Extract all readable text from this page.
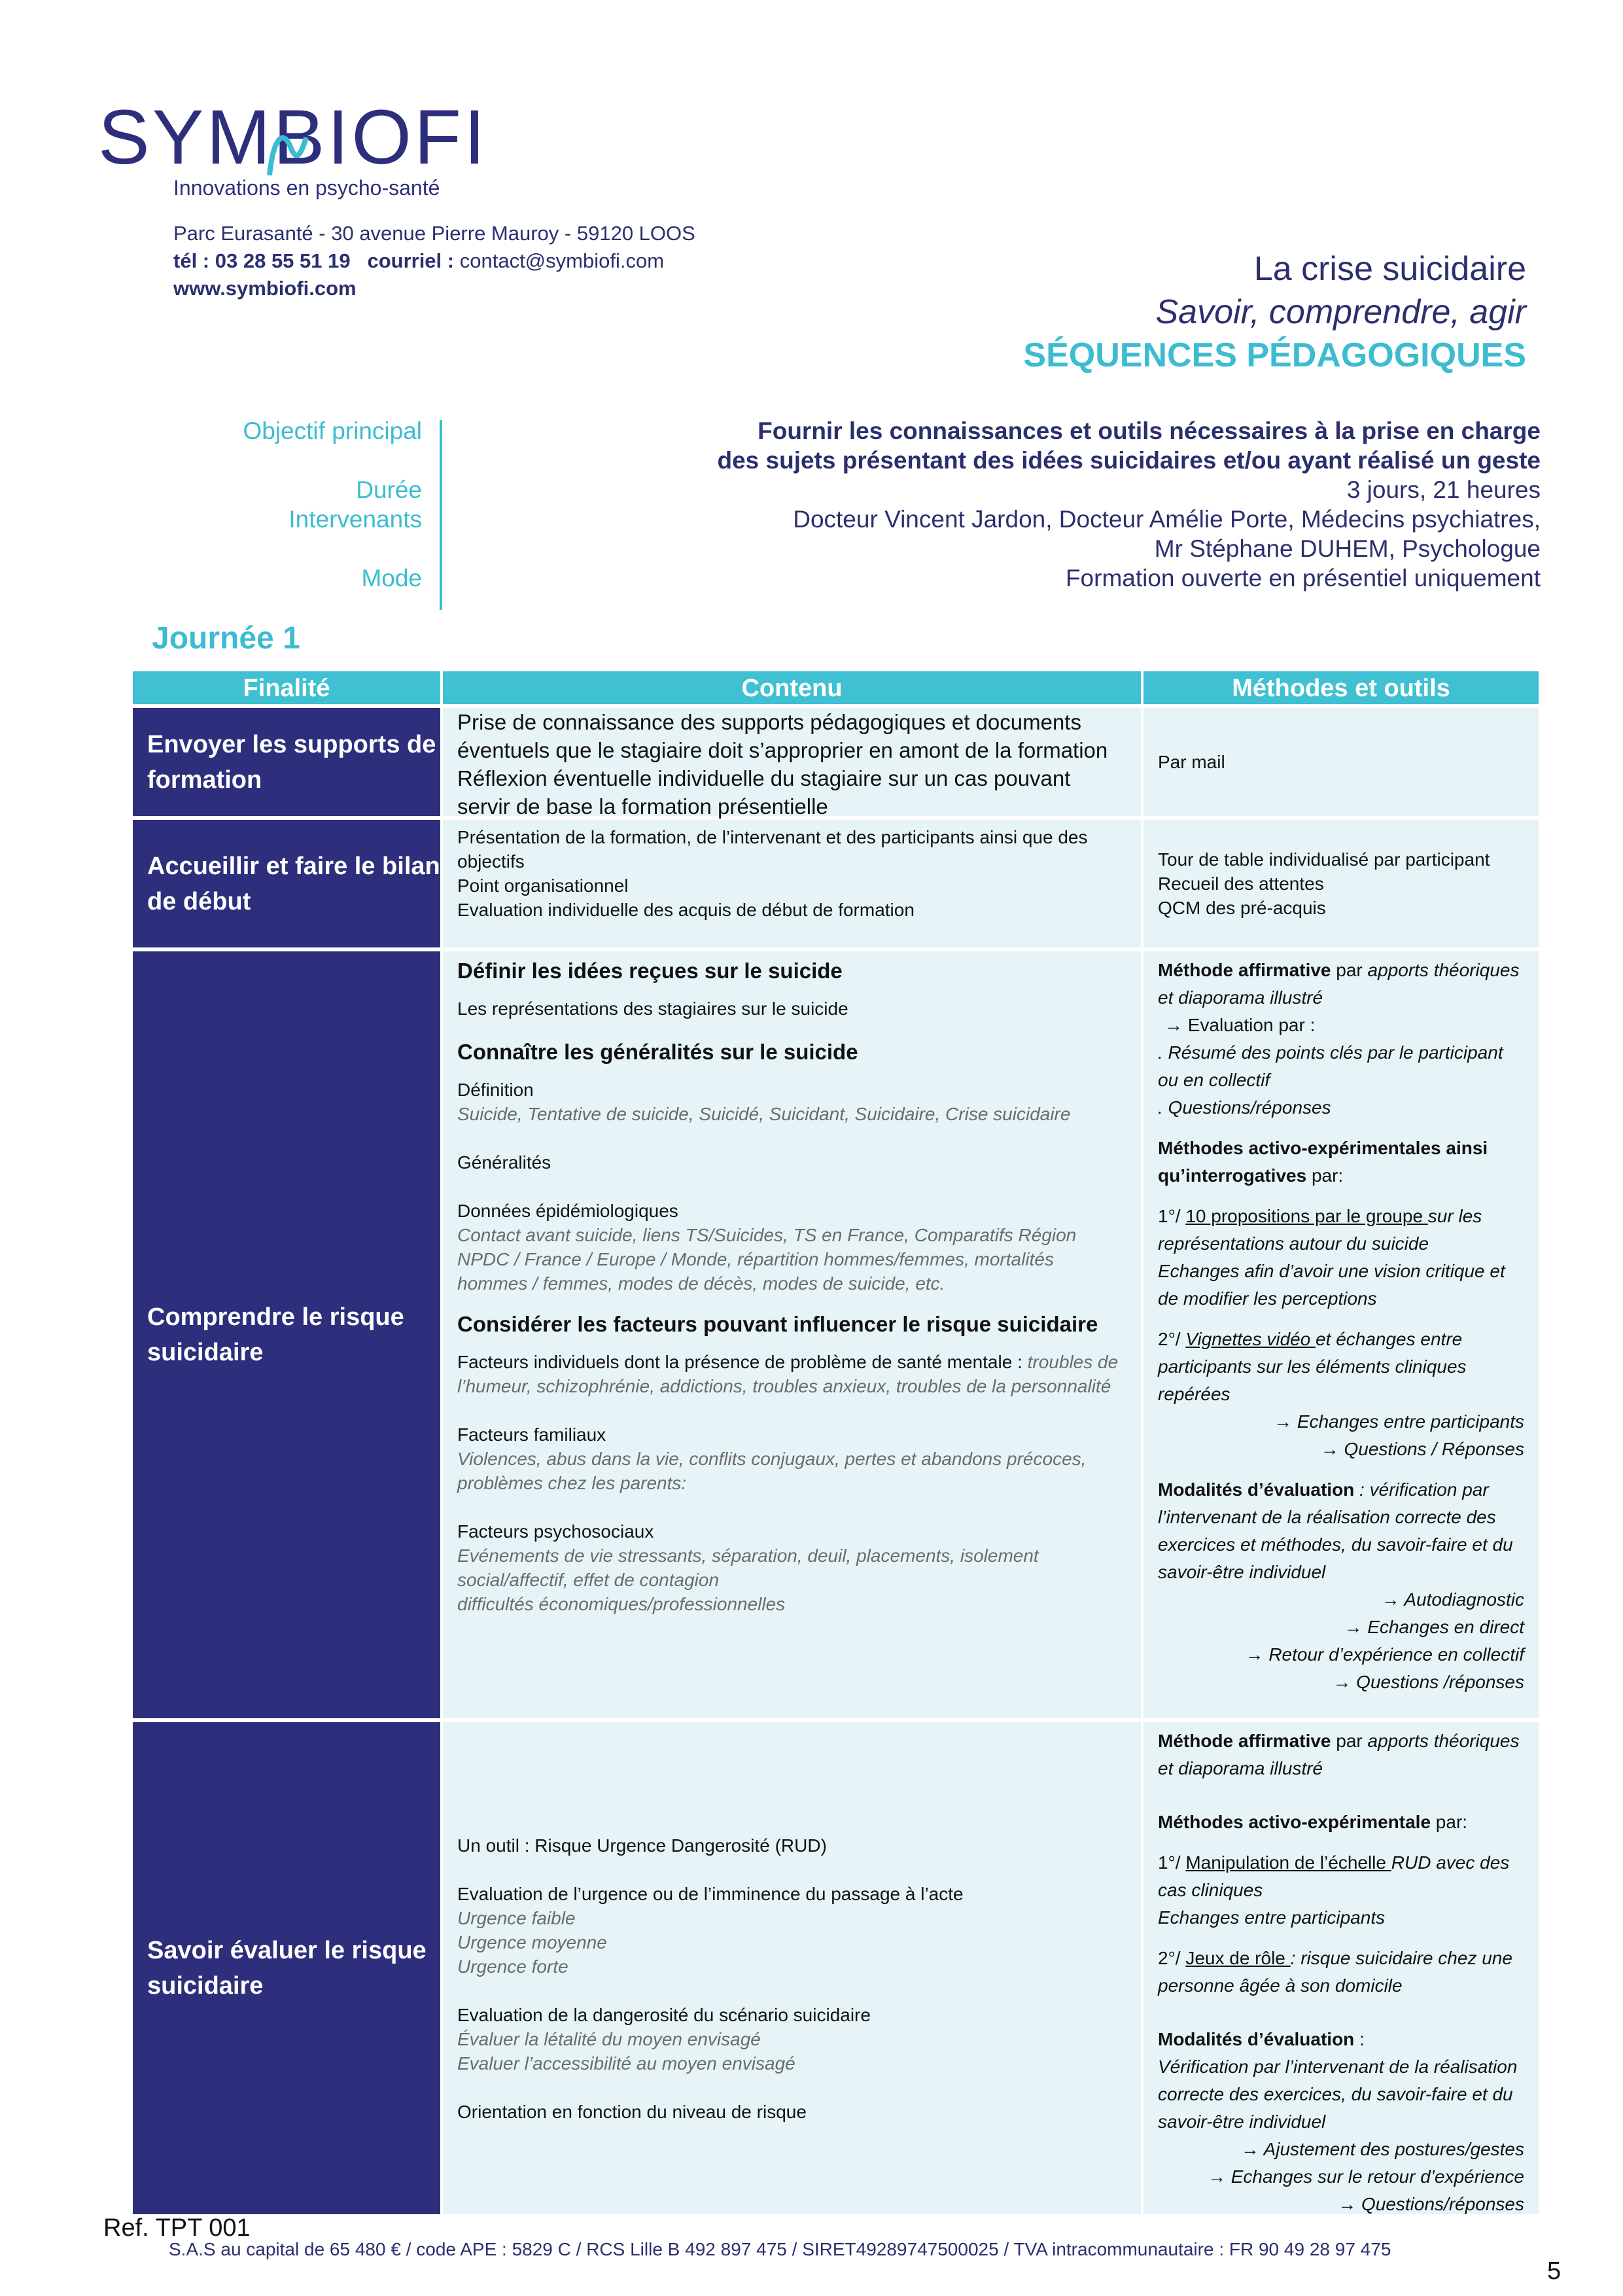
SYMBIOFI
Innovations en psycho-santé
Parc Eurasanté - 30 avenue Pierre Mauroy - 59120 LOOS
tél : 03 28 55 51 19 courriel : contact@symbiofi.com
www.symbiofi.com
La crise suicidaire
Savoir, comprendre, agir
SÉQUENCES PÉDAGOGIQUES
Objectif principal
Durée
Intervenants
Mode
Fournir les connaissances et outils nécessaires à la prise en charge
des sujets présentant des idées suicidaires et/ou ayant réalisé un geste
3 jours, 21 heures
Docteur Vincent Jardon, Docteur Amélie Porte, Médecins psychiatres,
Mr Stéphane DUHEM, Psychologue
Formation ouverte en présentiel uniquement
Journée 1
Finalité	Contenu	Méthodes et outils
Envoyer les supports de formation
Prise de connaissance des supports pédagogiques et documents éventuels que le stagiaire doit s’approprier en amont de la formation
Réflexion éventuelle individuelle du stagiaire sur un cas pouvant servir de base la formation présentielle
Par mail
Accueillir et faire le bilan de début
Présentation de la formation, de l’intervenant et des participants ainsi que des objectifs
Point organisationnel
Evaluation individuelle des acquis de début de formation
Tour de table individualisé par participant
Recueil des attentes
QCM des pré-acquis
Comprendre le risque suicidaire
Définir les idées reçues sur le suicide
Les représentations des stagiaires sur le suicide
Connaître les généralités sur le suicide
Définition
Suicide, Tentative de suicide, Suicidé, Suicidant, Suicidaire, Crise suicidaire
Généralités
Données épidémiologiques
Contact avant suicide, liens TS/Suicides, TS en France, Comparatifs Région NPDC / France / Europe / Monde, répartition hommes/femmes, mortalités hommes / femmes, modes de décès, modes de suicide, etc.
Considérer les facteurs pouvant influencer le risque suicidaire
Facteurs individuels dont la présence de problème de santé mentale : troubles de l’humeur, schizophrénie, addictions, troubles anxieux, troubles de la personnalité
Facteurs familiaux
Violences, abus dans la vie, conflits conjugaux, pertes et abandons précoces, problèmes chez les parents:
Facteurs psychosociaux
Evénements de vie stressants, séparation, deuil, placements, isolement social/affectif, effet de contagion
difficultés économiques/professionnelles
Méthode affirmative par apports théoriques et diaporama illustré
→ Evaluation par :
. Résumé des points clés par le participant ou en collectif
. Questions/réponses
Méthodes activo-expérimentales ainsi qu’interrogatives par:
1°/ 10 propositions par le groupe sur les représentations autour du suicide
Echanges afin d’avoir une vision critique et de modifier les perceptions
2°/ Vignettes vidéo et échanges entre participants sur les éléments cliniques repérées
→ Echanges entre participants
→ Questions / Réponses
Modalités d’évaluation : vérification par l’intervenant de la réalisation correcte des exercices et méthodes, du savoir-faire et du savoir-être individuel
→ Autodiagnostic
→ Echanges en direct
→ Retour d’expérience en collectif
→ Questions /réponses
Savoir évaluer le risque suicidaire
Un outil : Risque Urgence Dangerosité (RUD)
Evaluation de l’urgence ou de l’imminence du passage à l’acte
Urgence faible
Urgence moyenne
Urgence forte
Evaluation de la dangerosité du scénario suicidaire
Évaluer la létalité du moyen envisagé
Evaluer l’accessibilité au moyen envisagé
Orientation en fonction du niveau de risque
Méthode affirmative par apports théoriques et diaporama illustré
Méthodes activo-expérimentale par:
1°/ Manipulation de l’échelle RUD avec des cas cliniques
Echanges entre participants
2°/ Jeux de rôle : risque suicidaire chez une personne âgée à son domicile
Modalités d’évaluation :
Vérification par l’intervenant de la réalisation correcte des exercices, du savoir-faire et du savoir-être individuel
→ Ajustement des postures/gestes
→ Echanges sur le retour d’expérience
→ Questions/réponses
Ref. TPT 001
S.A.S au capital de 65 480 € / code APE : 5829 C / RCS Lille B 492 897 475 / SIRET49289747500025 / TVA intracommunautaire : FR 90 49 28 97 475
5
